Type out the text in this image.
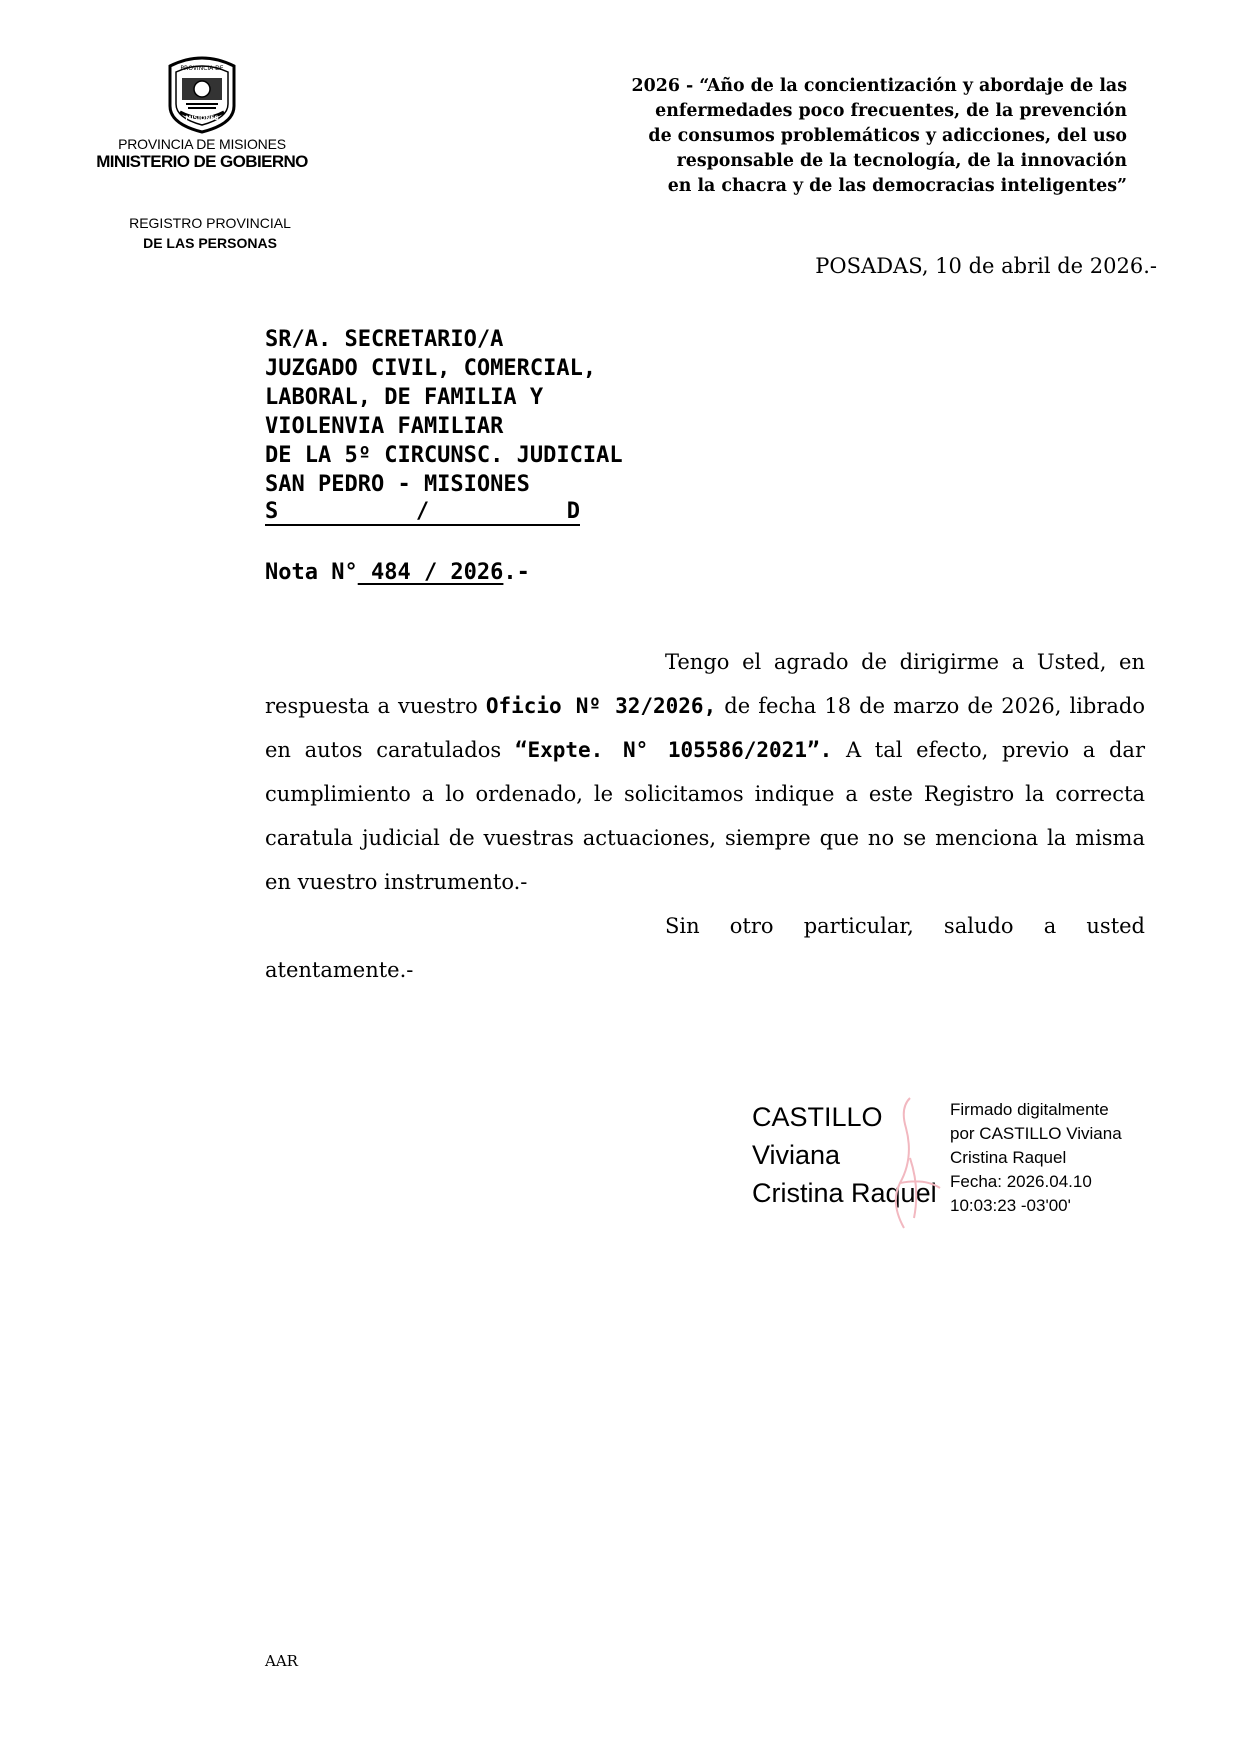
PROVINCIA DE
MISIONES
PROVINCIA DE MISIONES
MINISTERIO DE GOBIERNO
REGISTRO PROVINCIAL
DE LAS PERSONAS
2026 - “Año de la concientización y abordaje de las
enfermedades poco frecuentes, de la prevención
de consumos problemáticos y adicciones, del uso
responsable de la tecnología, de la innovación
en la chacra y de las democracias inteligentes”
POSADAS, 10 de abril de 2026.-
SR/A. SECRETARIO/A
JUZGADO CIVIL, COMERCIAL,
LABORAL, DE FAMILIA Y
VIOLENVIA FAMILIAR
DE LA 5º CIRCUNSC. JUDICIAL
SAN PEDRO - MISIONES
S	/	D
Nota N° 484 / 2026.-

Tengo el agrado de dirigirme a Usted, en respuesta a vuestro Oficio Nº 32/2026, de fecha 18 de marzo de 2026, librado en autos caratulados “Expte. N° 105586/2021”. A tal efecto, previo a dar cumplimiento a lo ordenado, le solicitamos indique a este Registro la correcta caratula judicial de vuestras actuaciones, siempre que no se menciona la misma en vuestro instrumento.-

Sin otro particular, saludo a usted atentamente.-

CASTILLO
Viviana
Cristina Raquel
Firmado digitalmente
por CASTILLO Viviana
Cristina Raquel
Fecha: 2026.04.10
10:03:23 -03'00'
AAR
